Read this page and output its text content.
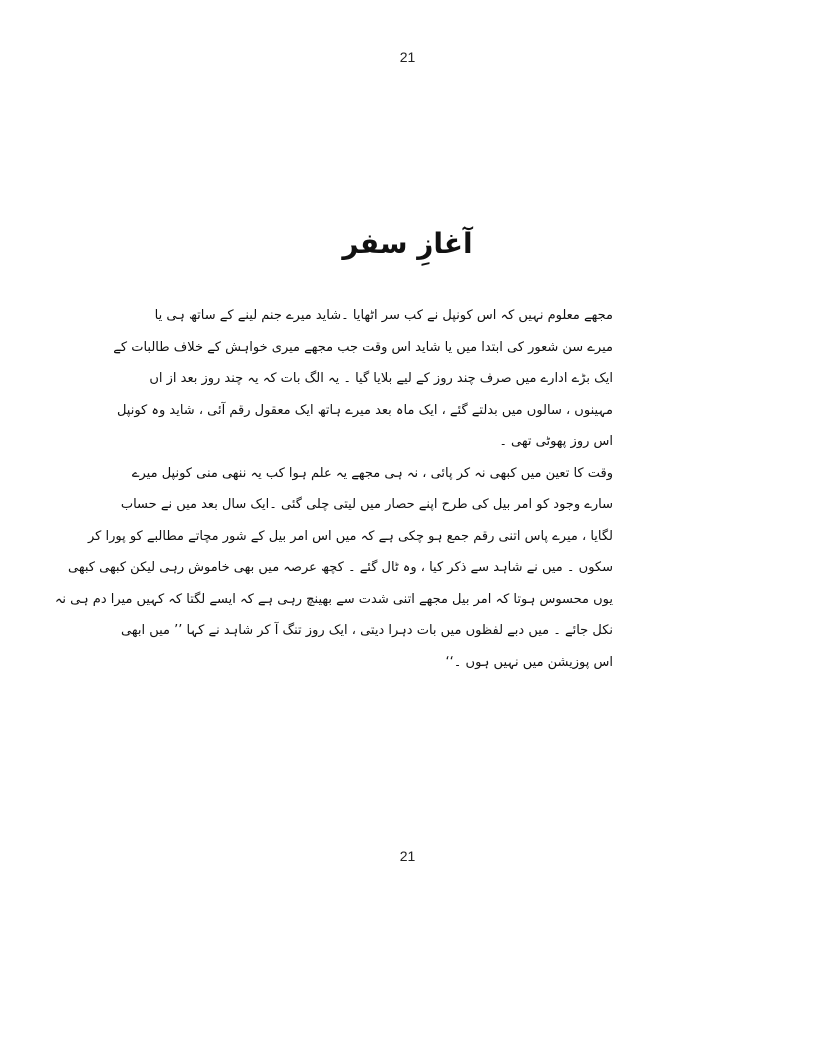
21
آغازِ سفر
مجھے معلوم نہیں کہ اس کونپل نے کب سر اٹھایا ۔شاید میرے جنم لینے کے ساتھ ہی یا
میرے سن شعور کی ابتدا میں یا شاید اس وقت جب مجھے میری خواہش کے خلاف طالبات کے
ایک بڑے ادارے میں صرف چند روز کے لیے بلایا گیا ۔ یہ الگ بات کہ یہ چند روز بعد از اں
مہینوں ، سالوں میں بدلتے گئے ، ایک ماہ بعد میرے ہاتھ ایک معقول رقم آئی ، شاید وہ کونپل
اس روز پھوٹی تھی ۔
وقت کا تعین میں کبھی نہ کر پائی ، نہ ہی مجھے یہ علم ہوا کب یہ ننھی منی کونپل میرے
سارے وجود کو امر بیل کی طرح اپنے حصار میں لیتی چلی گئی ۔ایک سال بعد میں نے حساب
لگایا ، میرے پاس اتنی رقم جمع ہو چکی ہے کہ میں اس امر بیل کے شور مچاتے مطالبے کو پورا کر
سکوں ۔ میں نے شاہد سے ذکر کیا ، وہ ٹال گئے ۔ کچھ عرصہ میں بھی خاموش رہی لیکن کبھی کبھی
یوں محسوس ہوتا کہ امر بیل مجھے اتنی شدت سے بھینچ رہی ہے کہ ایسے لگتا کہ کہیں میرا دم ہی نہ
نکل جائے ۔ میں دبے لفظوں میں بات دہرا دیتی ، ایک روز تنگ آ کر شاہد نے کہا ’’ میں ابھی
اس پوزیشن میں نہیں ہوں ۔‘‘
21
